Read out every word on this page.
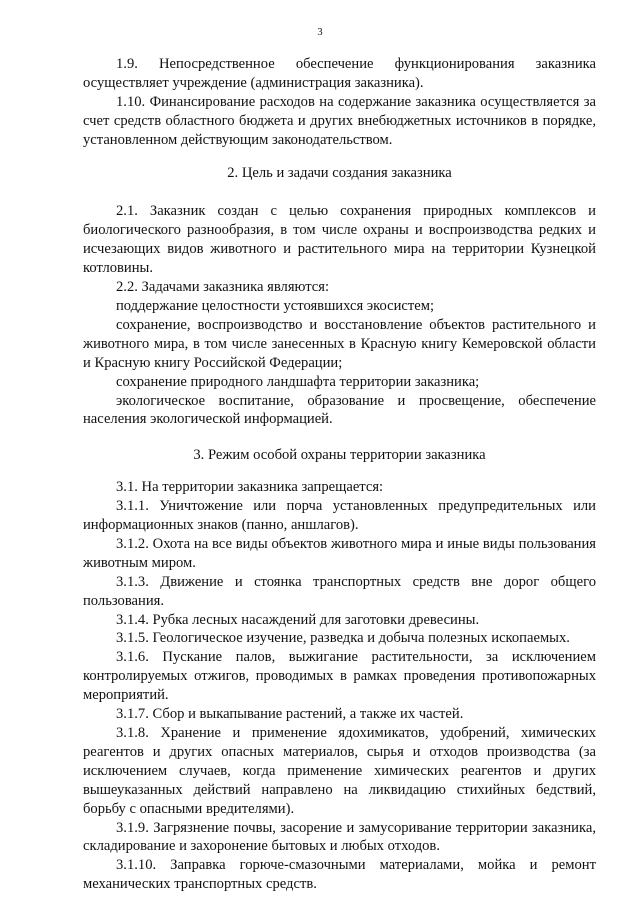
3

1.9. Непосредственное обеспечение функционирования заказника осуществляет учреждение (администрация заказника).

1.10. Финансирование расходов на содержание заказника осуществляется за счет средств областного бюджета и других внебюджетных источников в порядке, установленном действующим законодательством.

2. Цель и задачи создания заказника

2.1. Заказник создан с целью сохранения природных комплексов и биологического разнообразия, в том числе охраны и воспроизводства редких и исчезающих видов животного и растительного мира на территории Кузнецкой котловины.

2.2. Задачами заказника являются:

поддержание целостности устоявшихся экосистем;

сохранение, воспроизводство и восстановление объектов растительного и животного мира, в том числе занесенных в Красную книгу Кемеровской области и Красную книгу Российской Федерации;

сохранение природного ландшафта территории заказника;

экологическое воспитание, образование и просвещение, обеспечение населения экологической информацией.

3. Режим особой охраны территории заказника

3.1. На территории заказника запрещается:

3.1.1. Уничтожение или порча установленных предупредительных или информационных знаков (панно, аншлагов).

3.1.2. Охота на все виды объектов животного мира и иные виды пользования животным миром.

3.1.3. Движение и стоянка транспортных средств вне дорог общего пользования.

3.1.4. Рубка лесных насаждений для заготовки древесины.

3.1.5. Геологическое изучение, разведка и добыча полезных ископаемых.

3.1.6. Пускание палов, выжигание растительности, за исключением контролируемых отжигов, проводимых в рамках проведения противопожарных мероприятий.

3.1.7. Сбор и выкапывание растений, а также их частей.

3.1.8. Хранение и применение ядохимикатов, удобрений, химических реагентов и других опасных материалов, сырья и отходов производства (за исключением случаев, когда применение химических реагентов и других вышеуказанных действий направлено на ликвидацию стихийных бедствий, борьбу с опасными вредителями).

3.1.9. Загрязнение почвы, засорение и замусоривание территории заказника, складирование и захоронение бытовых и любых отходов.

3.1.10. Заправка горюче-смазочными материалами, мойка и ремонт механических транспортных средств.
